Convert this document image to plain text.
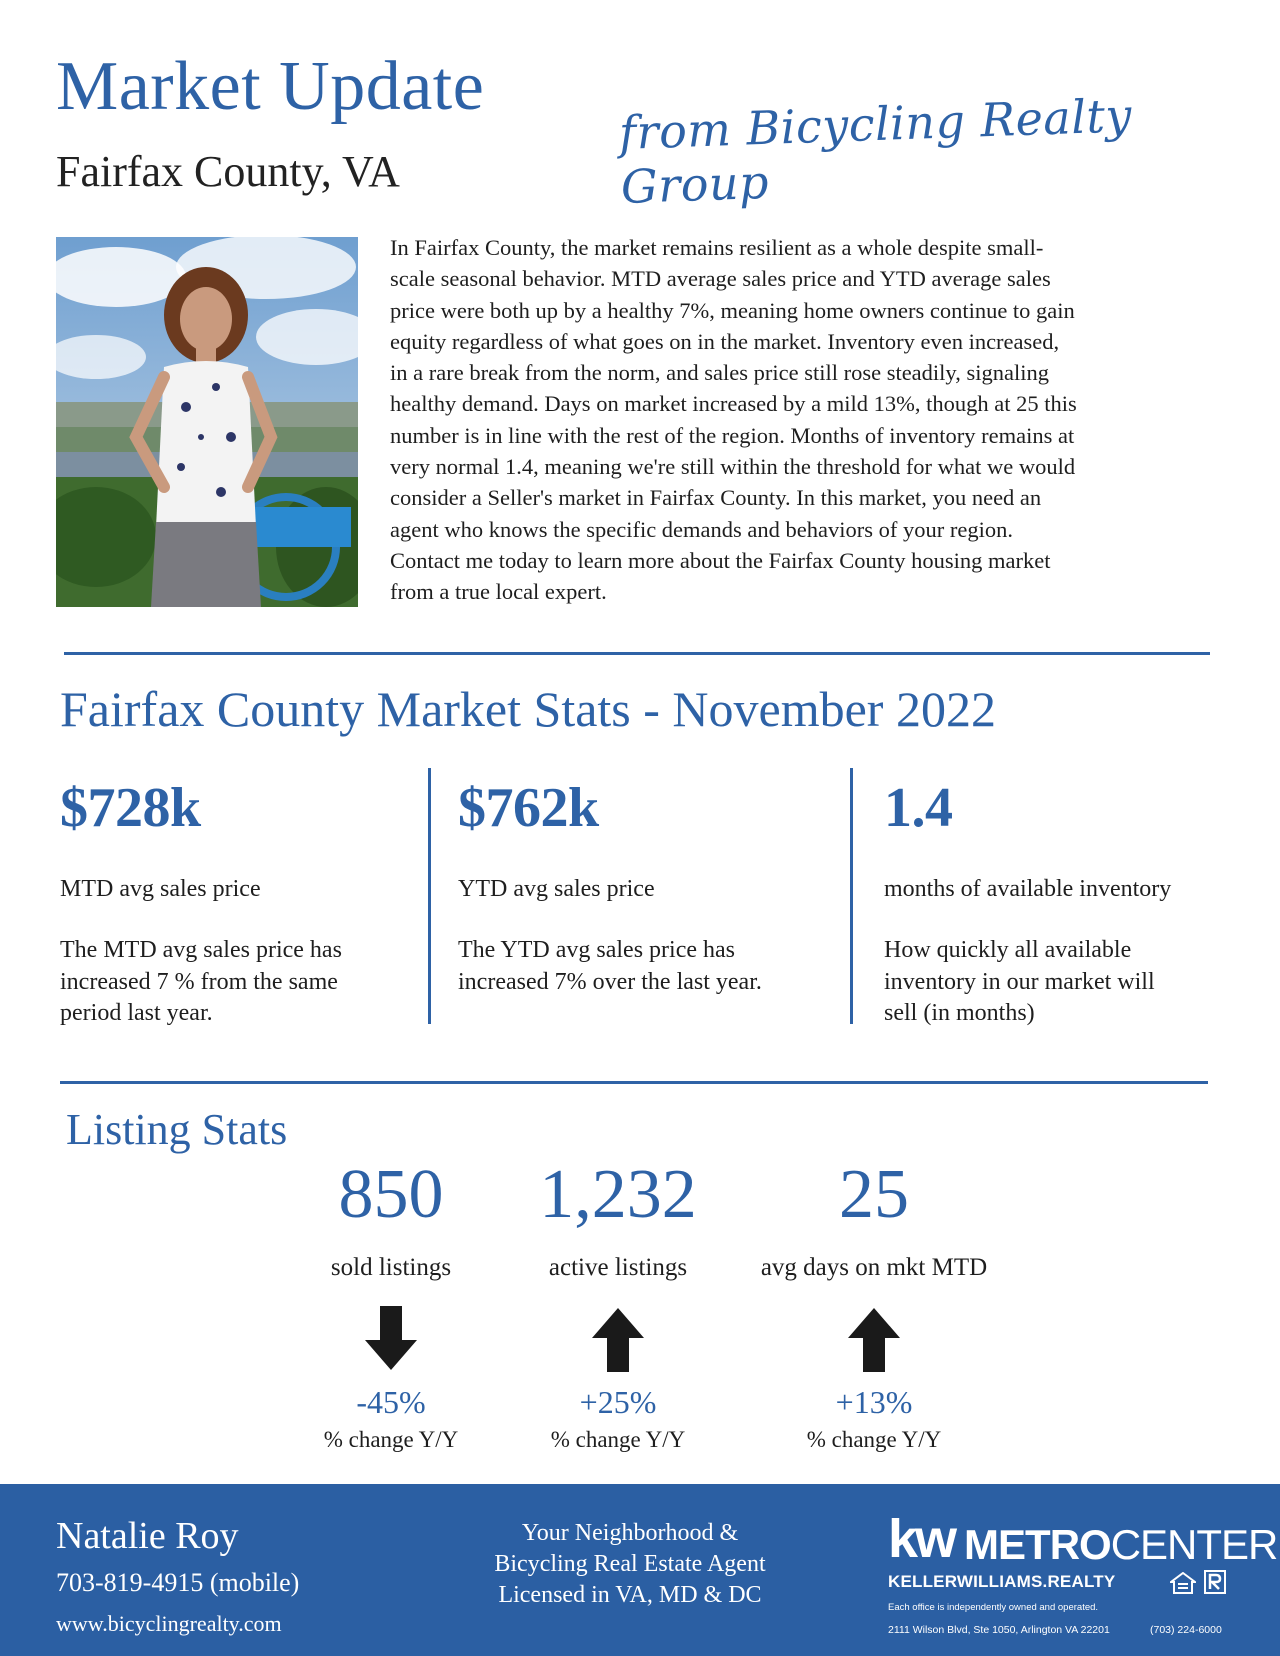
Market Update
Fairfax County, VA
from Bicycling Realty Group
In Fairfax County, the market remains resilient as a whole despite small-
scale seasonal behavior. MTD average sales price and YTD average sales
price were both up by a healthy 7%, meaning home owners continue to gain
equity regardless of what goes on in the market. Inventory even increased,
in a rare break from the norm, and sales price still rose steadily, signaling
healthy demand. Days on market increased by a mild 13%, though at 25 this
number is in line with the rest of the region. Months of inventory remains at
very normal 1.4, meaning we're still within the threshold for what we would
consider a Seller's market in Fairfax County. In this market, you need an
agent who knows the specific demands and behaviors of your region.
Contact me today to learn more about the Fairfax County housing market
from a true local expert.
Fairfax County Market Stats - November 2022
$728k
MTD avg sales price
The MTD avg sales price has
increased 7 % from the same
period last year.
$762k
YTD avg sales price
The YTD avg sales price has
increased 7% over the last year.
1.4
months of available inventory
How quickly all available
inventory in our market will
sell (in months)
Listing Stats
850
sold listings
-45%
% change Y/Y
1,232
active listings
+25%
% change Y/Y
25
avg days on mkt MTD
+13%
% change Y/Y
Natalie Roy
703-819-4915 (mobile)
www.bicyclingrealty.com
Your Neighborhood &
Bicycling Real Estate Agent
Licensed in VA, MD & DC
kw METROCENTER
KELLERWILLIAMS.REALTY
Each office is independently owned and operated.
2111 Wilson Blvd, Ste 1050, Arlington VA 22201	(703) 224-6000
